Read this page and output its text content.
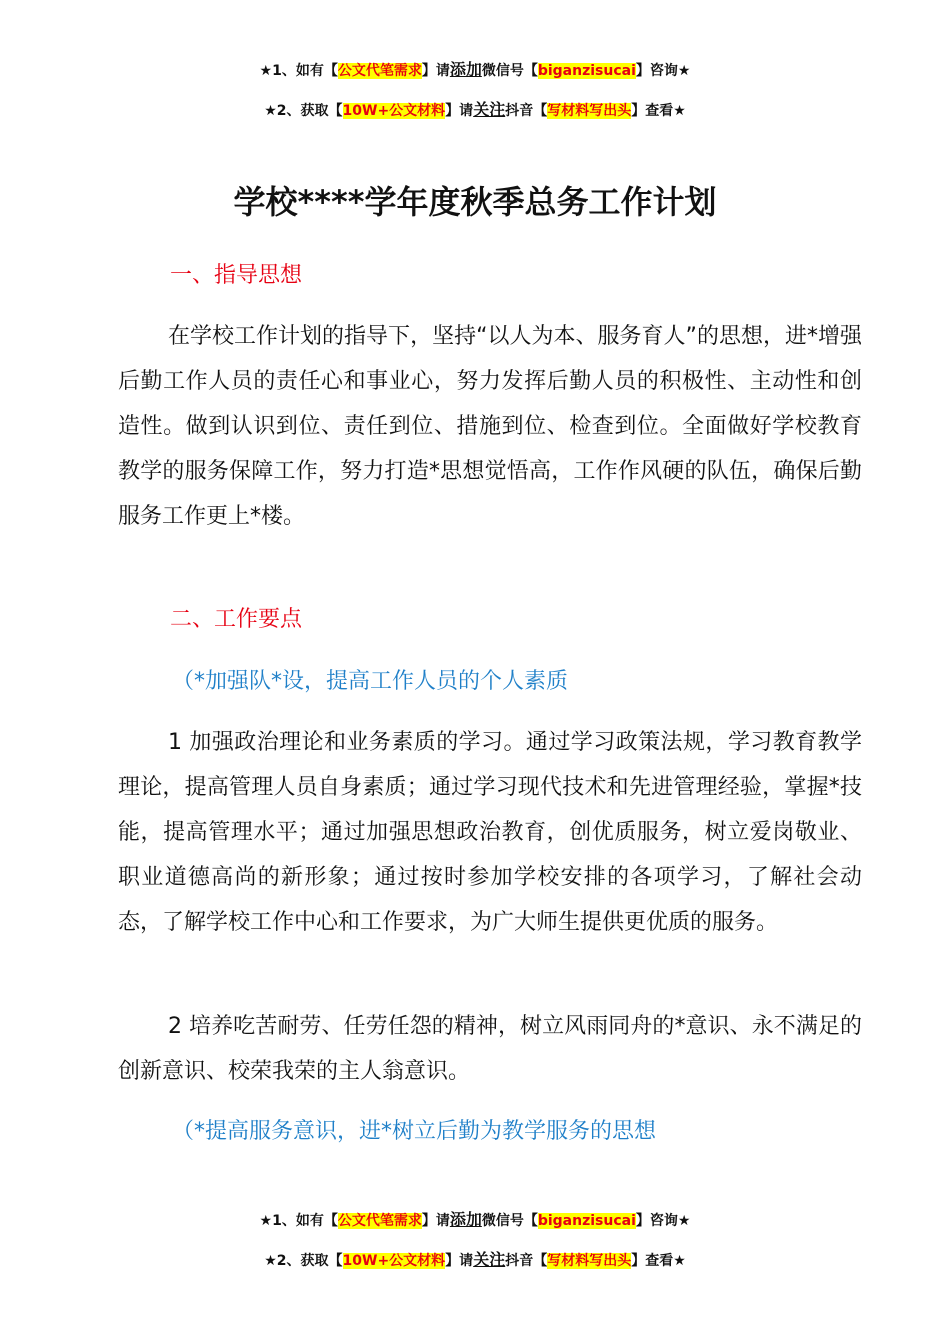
★1、如有【公文代笔需求】请添加微信号【biganzisucai】咨询★
★2、获取【10W+公文材料】请关注抖音【写材料写出头】查看★
学校****学年度秋季总务工作计划
一、指导思想
在学校工作计划的指导下，坚持“以人为本、服务育人”的思想，进*增强后勤工作人员的责任心和事业心，努力发挥后勤人员的积极性、主动性和创造性。做到认识到位、责任到位、措施到位、检查到位。全面做好学校教育教学的服务保障工作，努力打造*思想觉悟高，工作作风硬的队伍，确保后勤服务工作更上*楼。
二、工作要点
（*加强队*设，提高工作人员的个人素质
1 加强政治理论和业务素质的学习。通过学习政策法规，学习教育教学理论，提高管理人员自身素质；通过学习现代技术和先进管理经验，掌握*技能，提高管理水平；通过加强思想政治教育，创优质服务，树立爱岗敬业、职业道德高尚的新形象；通过按时参加学校安排的各项学习，了解社会动态，了解学校工作中心和工作要求，为广大师生提供更优质的服务。
2 培养吃苦耐劳、任劳任怨的精神，树立风雨同舟的*意识、永不满足的创新意识、校荣我荣的主人翁意识。
（*提高服务意识，进*树立后勤为教学服务的思想
★1、如有【公文代笔需求】请添加微信号【biganzisucai】咨询★
★2、获取【10W+公文材料】请关注抖音【写材料写出头】查看★
